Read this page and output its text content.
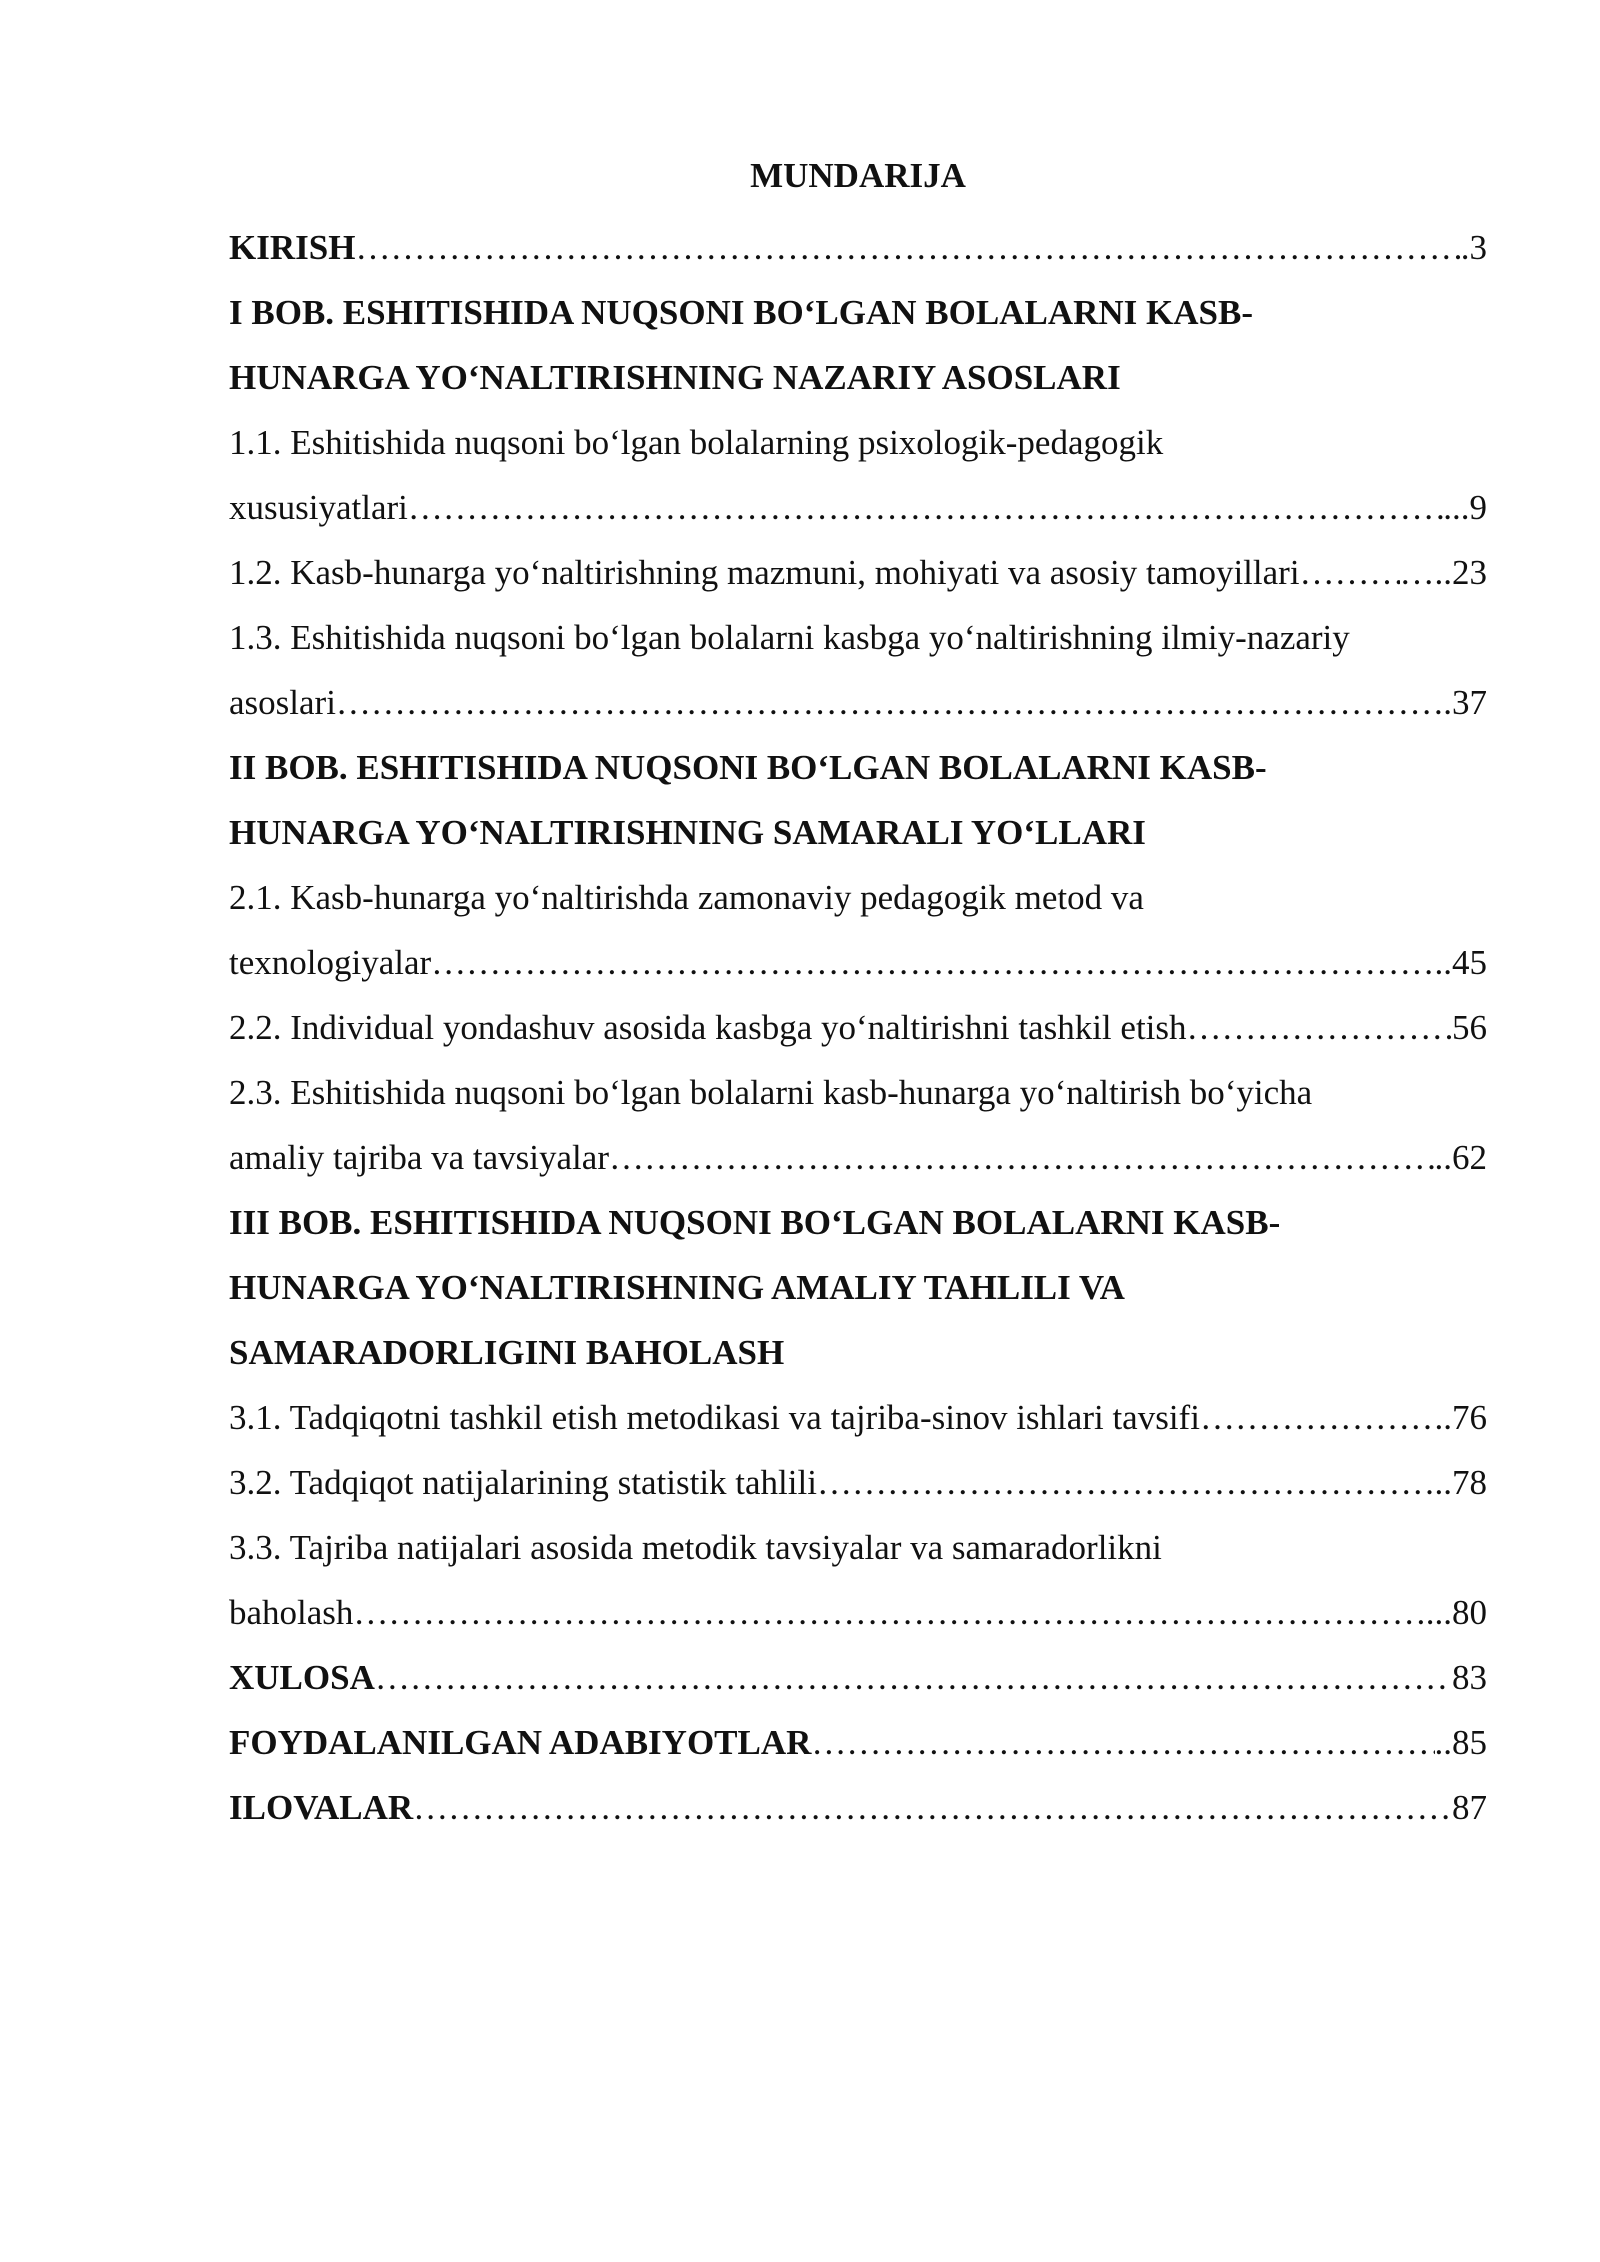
MUNDARIJA
KIRISH ………………………………………………………………………………………………………………………………………………………………………………………………………………	.3
I BOB. ESHITISHIDA NUQSONI BO‘LGAN BOLALARNI KASB-
HUNARGA YO‘NALTIRISHNING NAZARIY ASOSLARI
1.1. Eshitishida nuqsoni bo‘lgan bolalarning psixologik-pedagogik
xususiyatlari ………………………………………………………………………………………………………………………………………………………………………………………………………………	...9
1.2. Kasb-hunarga yo‘naltirishning mazmuni, mohiyati va asosiy tamoyillari ………………………………………………………………………………………………………………………………………………………………………………………………………………	…..23
1.3. Eshitishida nuqsoni bo‘lgan bolalarni kasbga yo‘naltirishning ilmiy-nazariy
asoslari ………………………………………………………………………………………………………………………………………………………………………………………………………………	.37
II BOB. ESHITISHIDA NUQSONI BO‘LGAN BOLALARNI KASB-
HUNARGA YO‘NALTIRISHNING SAMARALI YO‘LLARI
2.1. Kasb-hunarga yo‘naltirishda zamonaviy pedagogik metod va
texnologiyalar ………………………………………………………………………………………………………………………………………………………………………………………………………………	..45
2.2. Individual yondashuv asosida kasbga yo‘naltirishni tashkil etish ………………………………………………………………………………………………………………………………………………………………………………………………………………	56
2.3. Eshitishida nuqsoni bo‘lgan bolalarni kasb-hunarga yo‘naltirish bo‘yicha
amaliy tajriba va tavsiyalar ………………………………………………………………………………………………………………………………………………………………………………………………………………	..62
III BOB. ESHITISHIDA NUQSONI BO‘LGAN BOLALARNI KASB-
HUNARGA YO‘NALTIRISHNING AMALIY TAHLILI VA
SAMARADORLIGINI BAHOLASH
3.1. Tadqiqotni tashkil etish metodikasi va tajriba-sinov ishlari tavsifi ………………………………………………………………………………………………………………………………………………………………………………………………………………	..76
3.2. Tadqiqot natijalarining statistik tahlili ………………………………………………………………………………………………………………………………………………………………………………………………………………	..78
3.3. Tajriba natijalari asosida metodik tavsiyalar va samaradorlikni
baholash ………………………………………………………………………………………………………………………………………………………………………………………………………………	...80
XULOSA ………………………………………………………………………………………………………………………………………………………………………………………………………………	83
FOYDALANILGAN ADABIYOTLAR ………………………………………………………………………………………………………………………………………………………………………………………………………………	..85
ILOVALAR ………………………………………………………………………………………………………………………………………………………………………………………………………………	87
